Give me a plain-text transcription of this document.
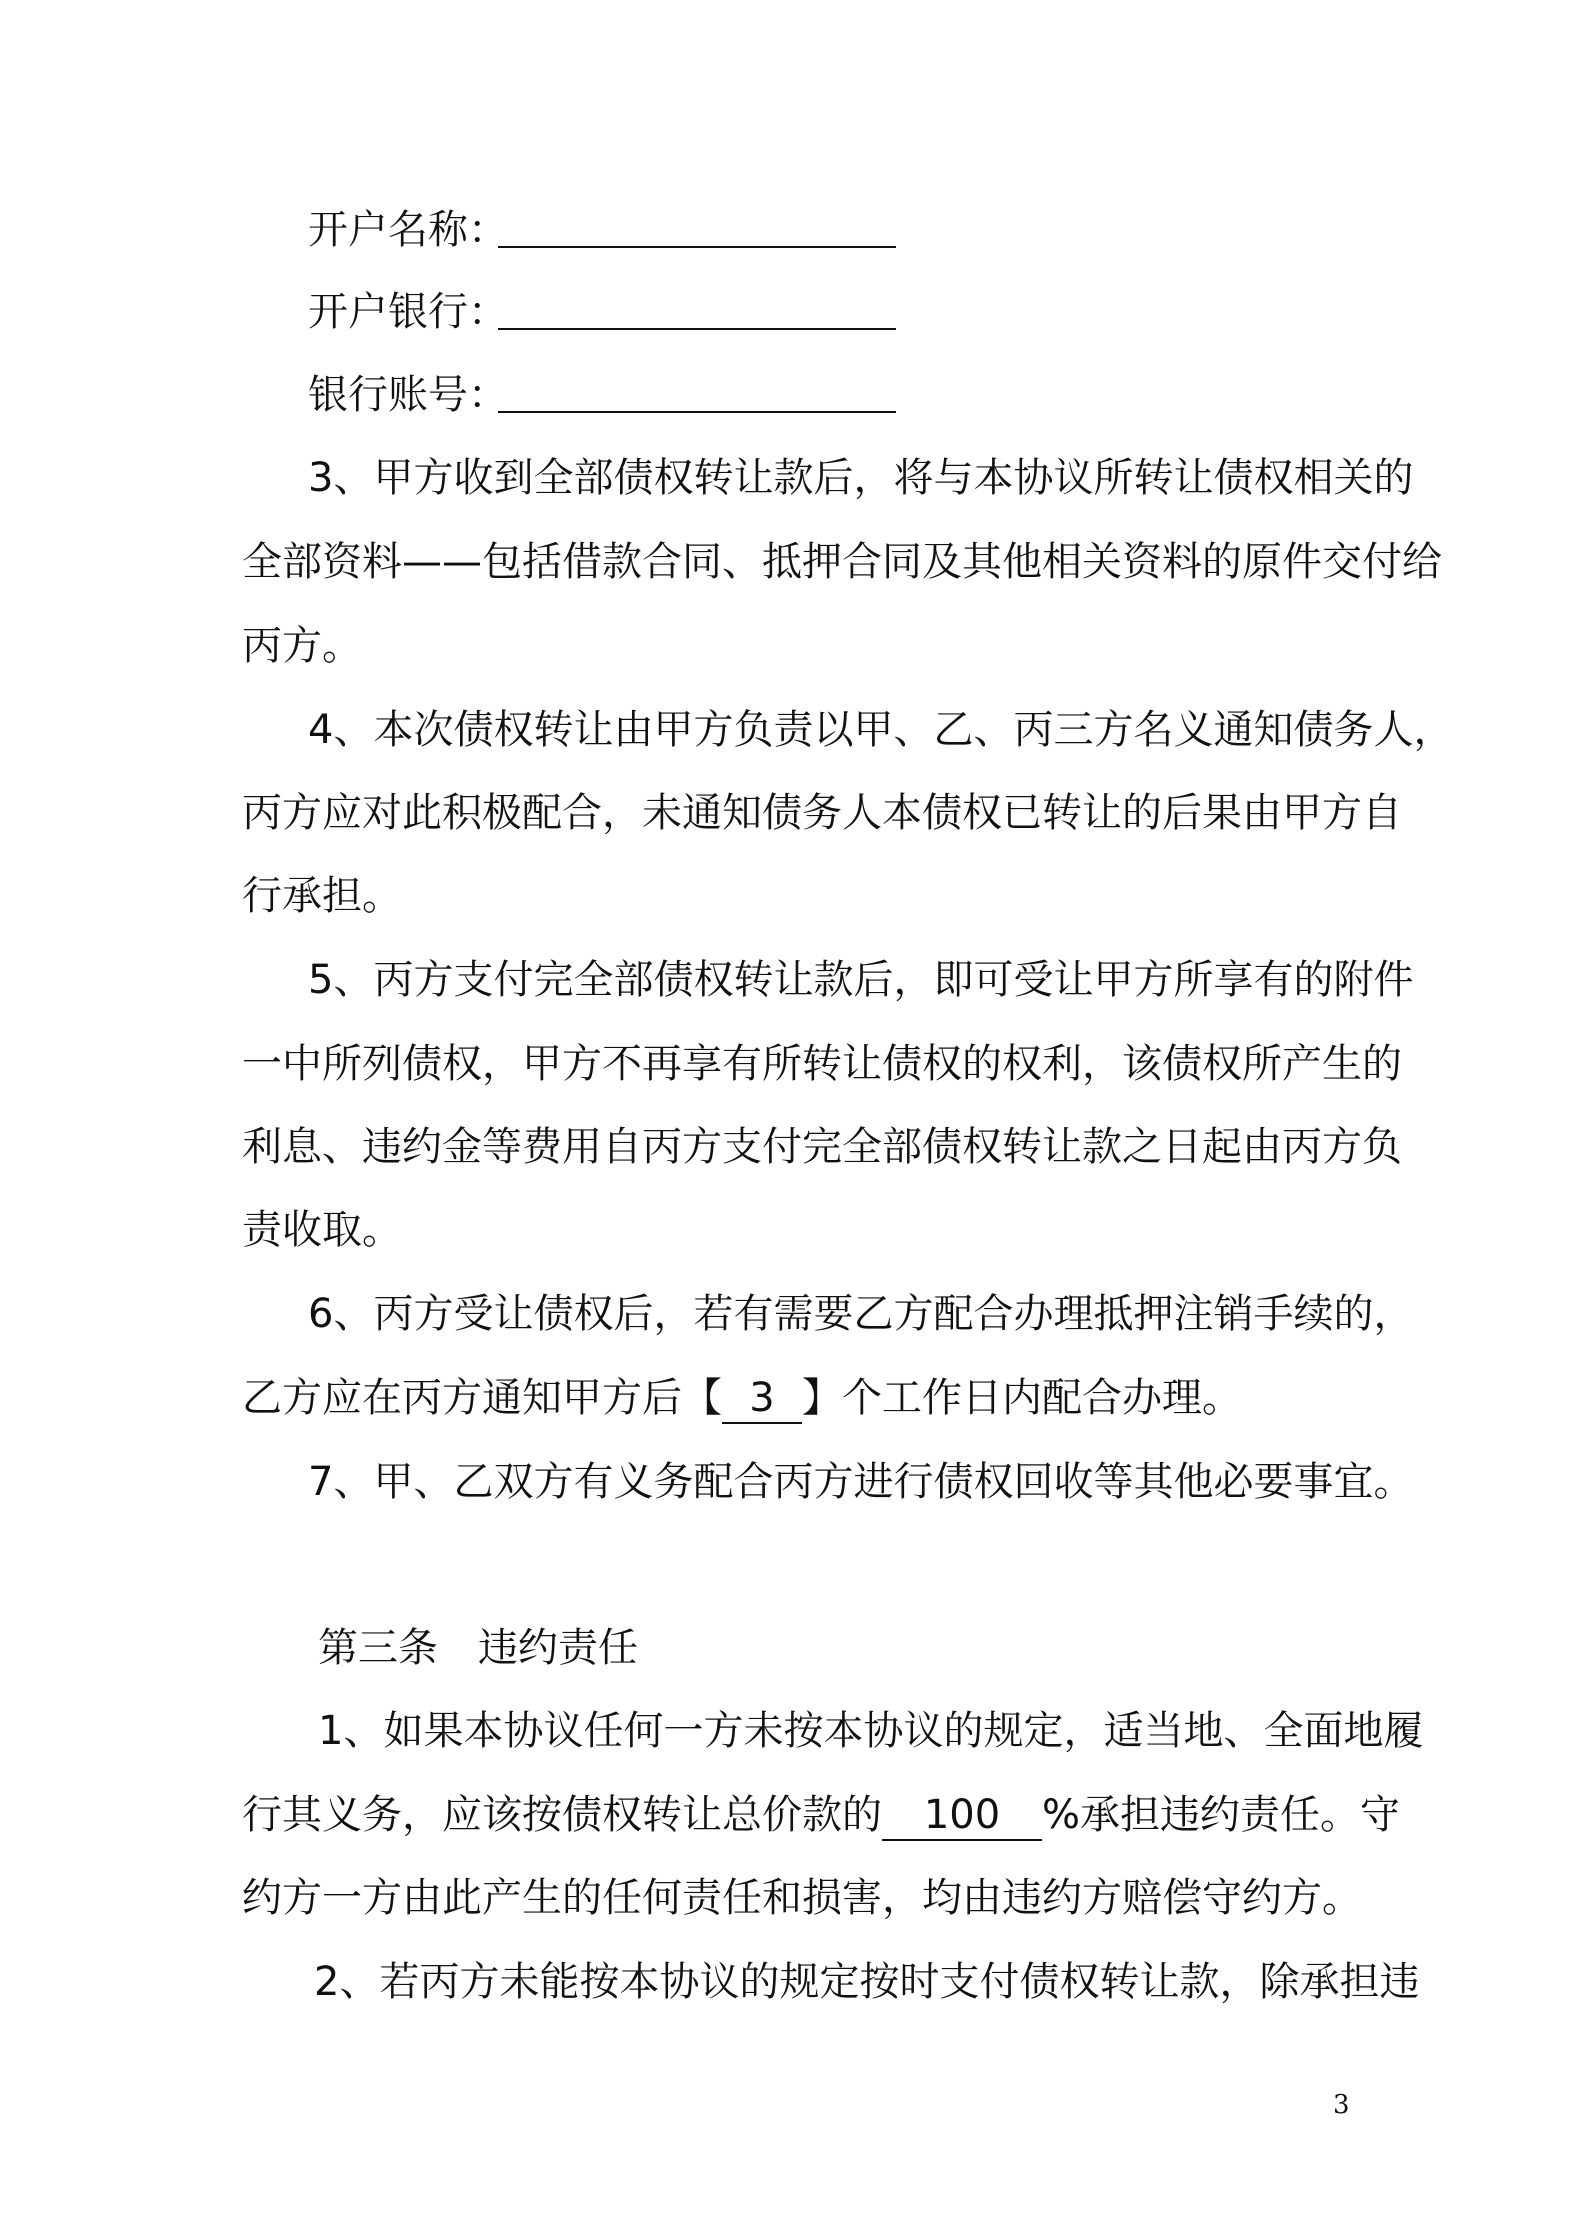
开户名称：
开户银行：
银行账号：
3、甲方收到全部债权转让款后，将与本协议所转让债权相关的
全部资料——包括借款合同、抵押合同及其他相关资料的原件交付给
丙方。
4、本次债权转让由甲方负责以甲、乙、丙三方名义通知债务人，
丙方应对此积极配合，未通知债务人本债权已转让的后果由甲方自
行承担。
5、丙方支付完全部债权转让款后，即可受让甲方所享有的附件
一中所列债权，甲方不再享有所转让债权的权利，该债权所产生的
利息、违约金等费用自丙方支付完全部债权转让款之日起由丙方负
责收取。
6、丙方受让债权后，若有需要乙方配合办理抵押注销手续的，
乙方应在丙方通知甲方后【 3 】个工作日内配合办理。
7、甲、乙双方有义务配合丙方进行债权回收等其他必要事宜。
第三条 违约责任
1、如果本协议任何一方未按本协议的规定，适当地、全面地履
行其义务，应该按债权转让总价款的 100 %承担违约责任。守
约方一方由此产生的任何责任和损害，均由违约方赔偿守约方。
2、若丙方未能按本协议的规定按时支付债权转让款，除承担违
3
